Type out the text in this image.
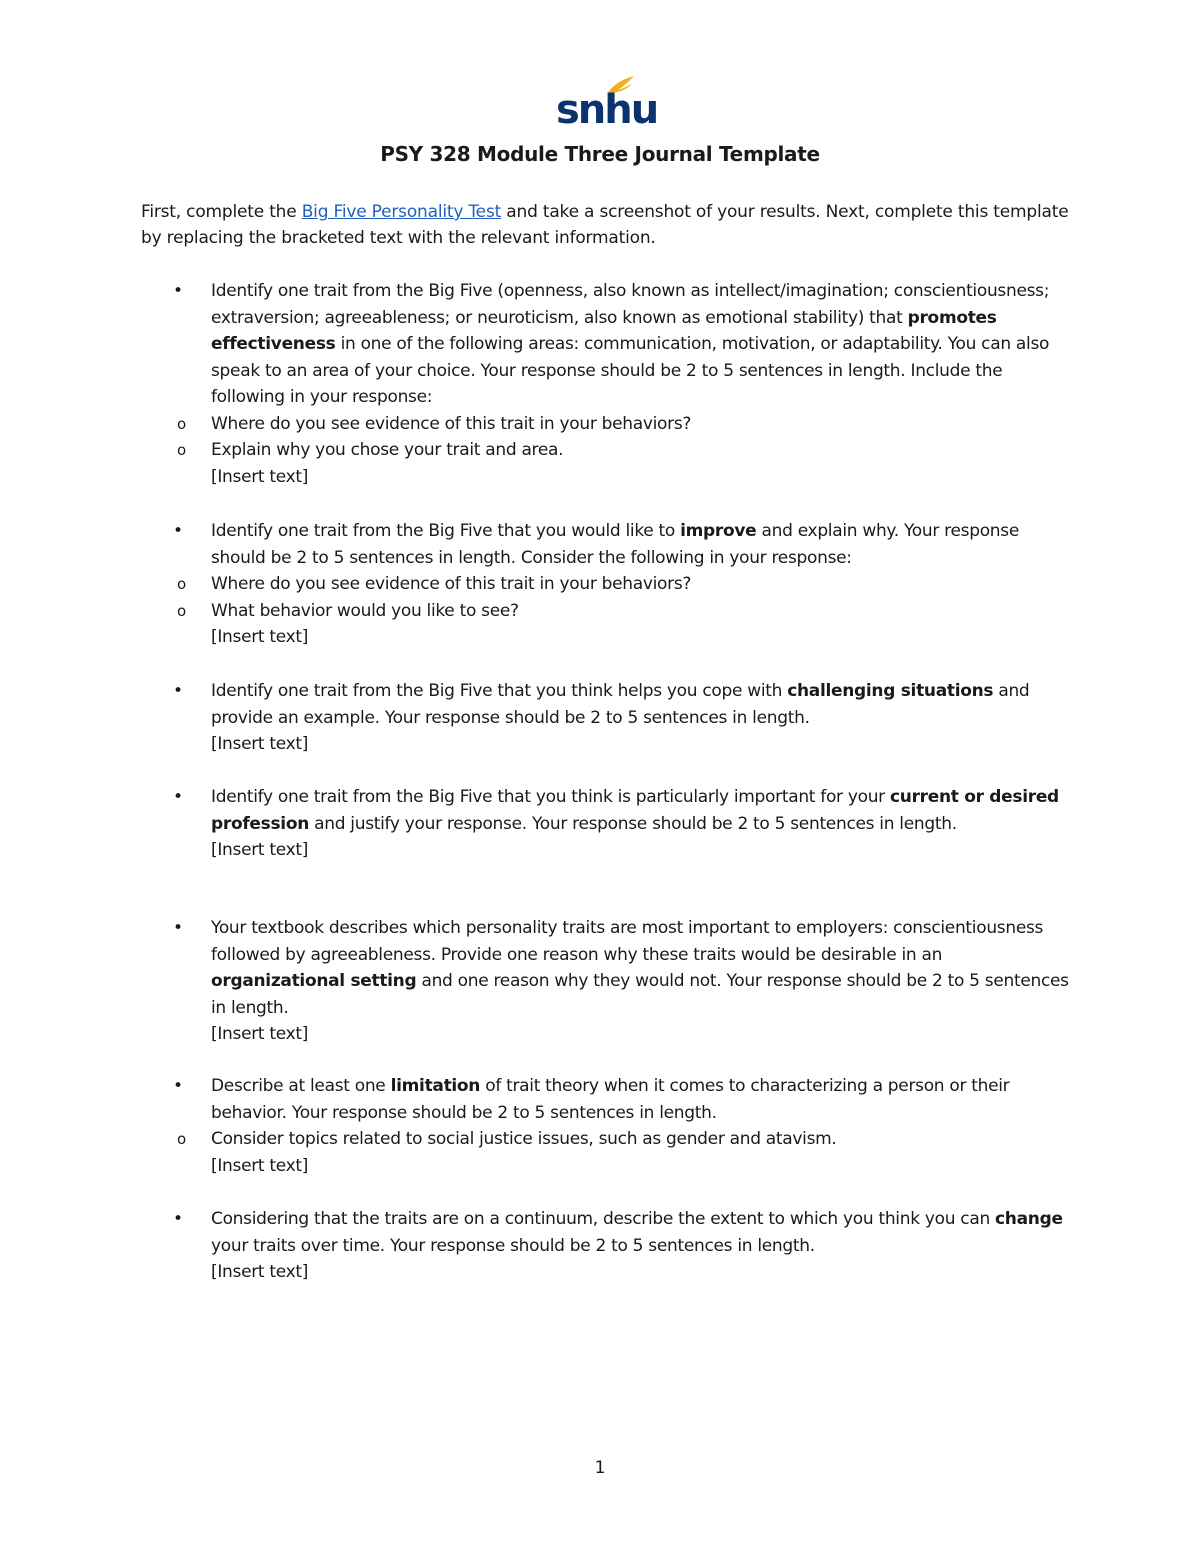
snhu
PSY 328 Module Three Journal Template
First, complete the Big Five Personality Test and take a screenshot of your results. Next, complete this template by replacing the bracketed text with the relevant information.
• Identify one trait from the Big Five (openness, also known as intellect/imagination; conscientiousness; extraversion; agreeableness; or neuroticism, also known as emotional stability) that promotes effectiveness in one of the following areas: communication, motivation, or adaptability. You can also speak to an area of your choice. Your response should be 2 to 5 sentences in length. Include the following in your response:
o Where do you see evidence of this trait in your behaviors?
o Explain why you chose your trait and area.
[Insert text]
• Identify one trait from the Big Five that you would like to improve and explain why. Your response should be 2 to 5 sentences in length. Consider the following in your response:
o Where do you see evidence of this trait in your behaviors?
o What behavior would you like to see?
[Insert text]
• Identify one trait from the Big Five that you think helps you cope with challenging situations and provide an example. Your response should be 2 to 5 sentences in length.
[Insert text]
• Identify one trait from the Big Five that you think is particularly important for your current or desired profession and justify your response. Your response should be 2 to 5 sentences in length.
[Insert text]
• Your textbook describes which personality traits are most important to employers: conscientiousness followed by agreeableness. Provide one reason why these traits would be desirable in an organizational setting and one reason why they would not. Your response should be 2 to 5 sentences in length.
[Insert text]
• Describe at least one limitation of trait theory when it comes to characterizing a person or their behavior. Your response should be 2 to 5 sentences in length.
o Consider topics related to social justice issues, such as gender and atavism.
[Insert text]
• Considering that the traits are on a continuum, describe the extent to which you think you can change your traits over time. Your response should be 2 to 5 sentences in length.
[Insert text]
1
